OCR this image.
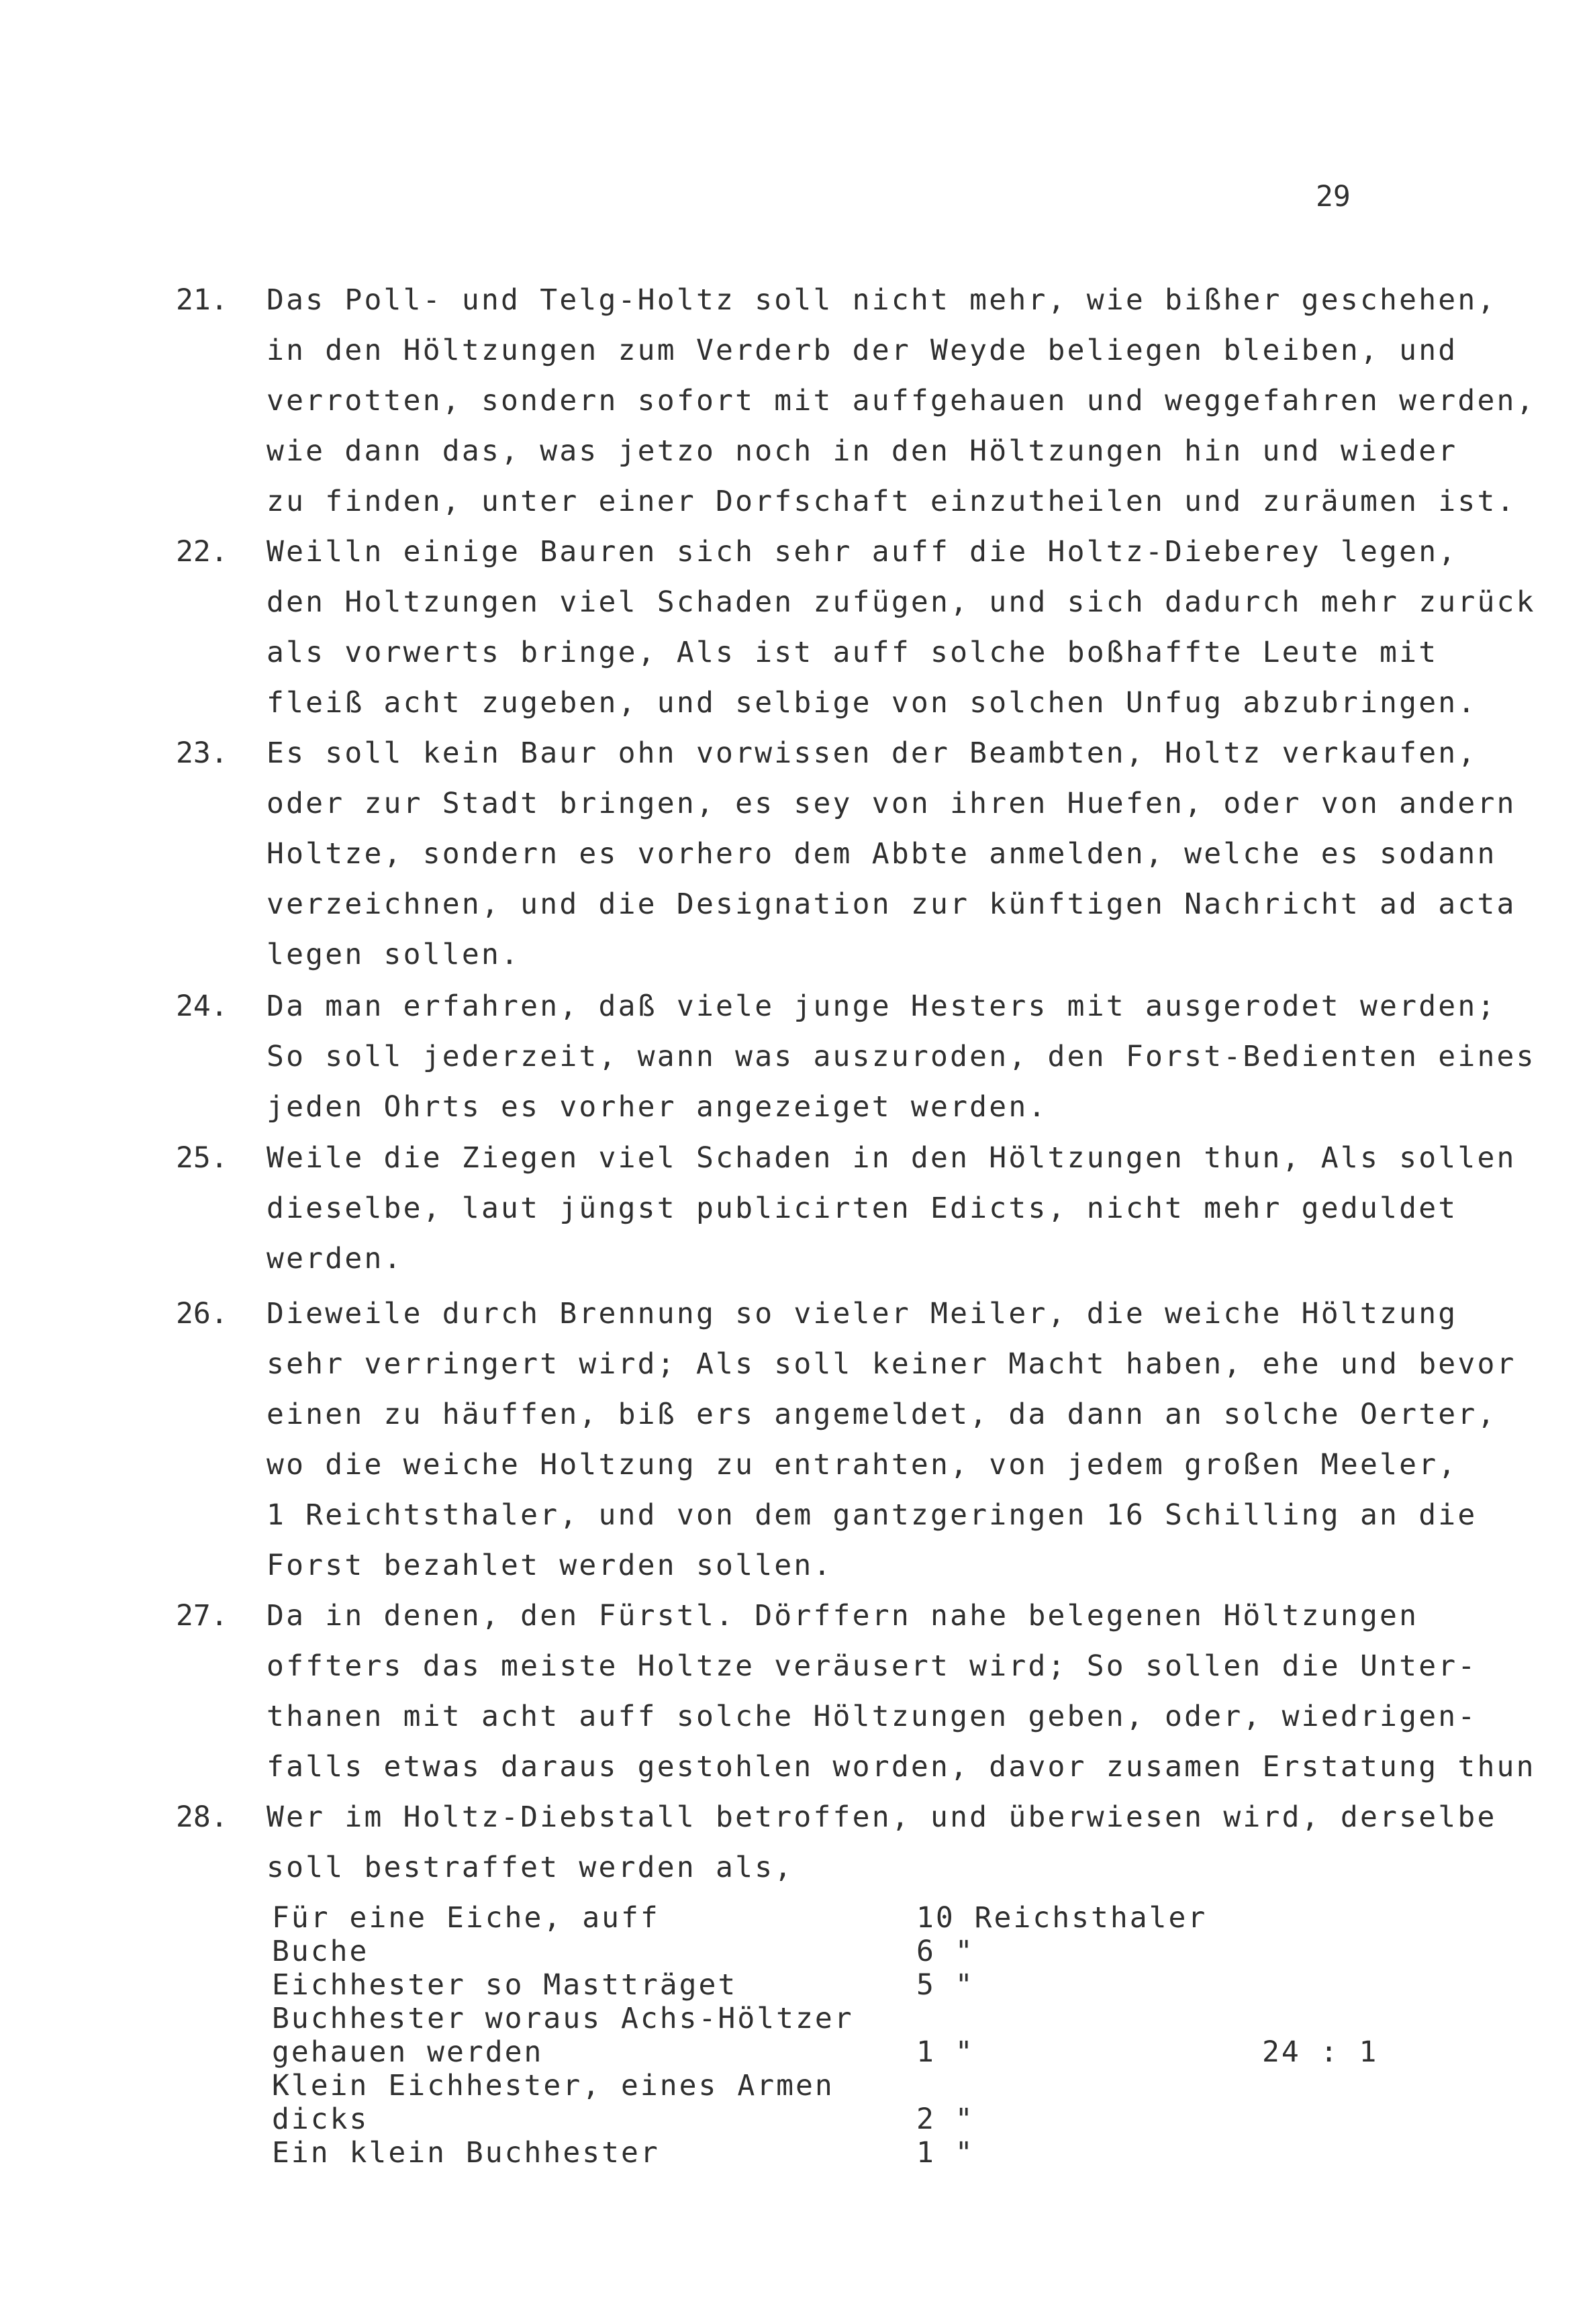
29
21. Das Poll- und Telg-Holtz soll nicht mehr, wie bißher geschehen,
in den Höltzungen zum Verderb der Weyde beliegen bleiben, und
verrotten, sondern sofort mit auffgehauen und weggefahren werden,
wie dann das, was jetzo noch in den Höltzungen hin und wieder
zu finden, unter einer Dorfschaft einzutheilen und zuräumen ist.
22. Weilln einige Bauren sich sehr auff die Holtz-Dieberey legen,
den Holtzungen viel Schaden zufügen, und sich dadurch mehr zurück
als vorwerts bringe, Als ist auff solche boßhaffte Leute mit
fleiß acht zugeben, und selbige von solchen Unfug abzubringen.
23. Es soll kein Baur ohn vorwissen der Beambten, Holtz verkaufen,
oder zur Stadt bringen, es sey von ihren Huefen, oder von andern
Holtze, sondern es vorhero dem Abbte anmelden, welche es sodann
verzeichnen, und die Designation zur künftigen Nachricht ad acta
legen sollen.
24. Da man erfahren, daß viele junge Hesters mit ausgerodet werden;
So soll jederzeit, wann was auszuroden, den Forst-Bedienten eines
jeden Ohrts es vorher angezeiget werden.
25. Weile die Ziegen viel Schaden in den Höltzungen thun, Als sollen
dieselbe, laut jüngst publicirten Edicts, nicht mehr geduldet
werden.
26. Dieweile durch Brennung so vieler Meiler, die weiche Höltzung
sehr verringert wird; Als soll keiner Macht haben, ehe und bevor
einen zu häuffen, biß ers angemeldet, da dann an solche Oerter,
wo die weiche Holtzung zu entrahten, von jedem großen Meeler,
1 Reichtsthaler, und von dem gantzgeringen 16 Schilling an die
Forst bezahlet werden sollen.
27. Da in denen, den Fürstl. Dörffern nahe belegenen Höltzungen
offters das meiste Holtze veräusert wird; So sollen die Unter-
thanen mit acht auff solche Höltzungen geben, oder, wiedrigen-
falls etwas daraus gestohlen worden, davor zusamen Erstatung thun
28. Wer im Holtz-Diebstall betroffen, und überwiesen wird, derselbe
soll bestraffet werden als,
Für eine Eiche, auff	10 Reichsthaler
Buche	6 "
Eichhester so Mastträget	5 "
Buchhester woraus Achs-Höltzer
gehauen werden	1 "	24 : 1
Klein Eichhester, eines Armen
dicks	2 "
Ein klein Buchhester	1 "
